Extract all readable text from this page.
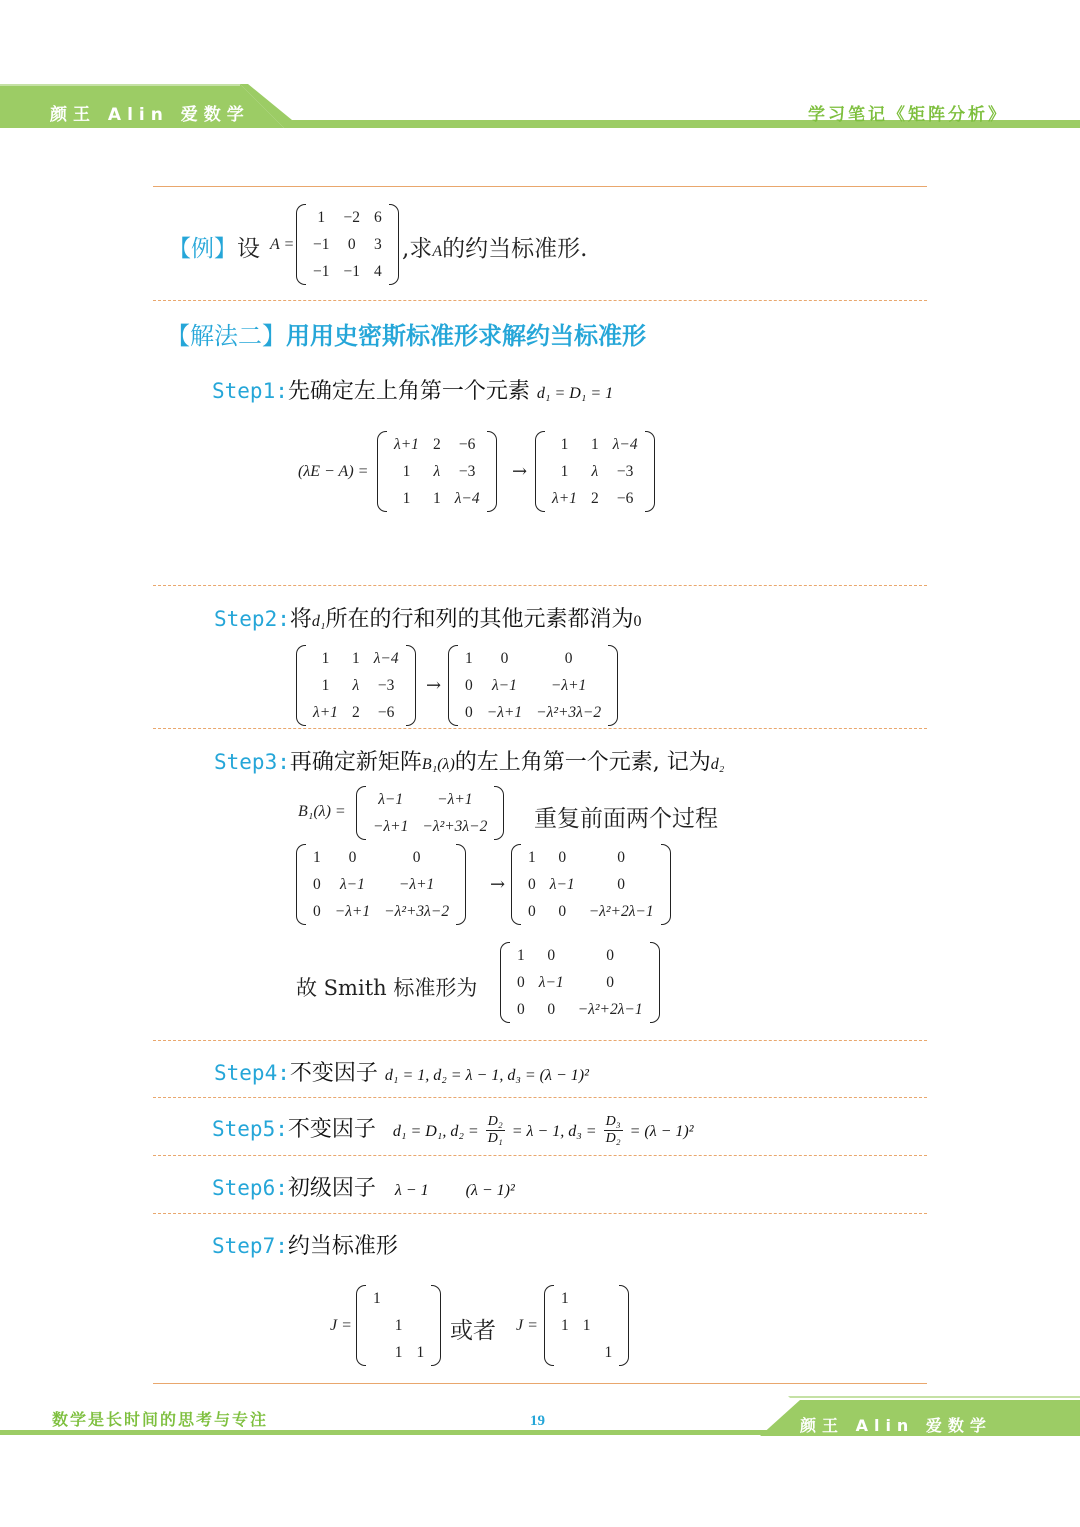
颜王 Alin 爱数学	学习笔记《矩阵分析》
【例】设 A =
1	−2	6
−1	0	3
−1	−1	4
,求A的约当标准形.
【解法二】用用史密斯标准形求解约当标准形
Step1:先确定左上角第一个元素 d₁ = D₁ = 1
(λE − A) =
λ+1	2	−6
1	λ	−3
1	1	λ−4
→
1	1	λ−4
1	λ	−3
λ+1	2	−6
Step2:将d₁所在的行和列的其他元素都消为0
1	1	λ−4
1	λ	−3
λ+1	2	−6
→
1	0	0
0	λ−1	−λ+1
0	−λ+1	−λ²+3λ−2
Step3:再确定新矩阵B₁(λ)的左上角第一个元素, 记为d₂
B₁(λ) =
λ−1	−λ+1
−λ+1	−λ²+3λ−2 重复前面两个过程
1	0	0
0	λ−1	−λ+1
0	−λ+1	−λ²+3λ−2
→
1	0	0
0	λ−1	0
0	0	−λ²+2λ−1
故 Smith 标准形为
1	0	0
0	λ−1	0
0	0	−λ²+2λ−1
Step4:不变因子 d₁ = 1, d₂ = λ − 1, d₃ = (λ − 1)²
Step5:不变因子 d₁ = D₁, $d_2 = \frac{\text{D₂}}{\text{D₁}} = \lambda - 1$, $d_3 = \frac{\text{D₃}}{\text{D₂}} = (\lambda - 1)^2$
Step6:初级因子 λ − 1 (λ − 1)²
Step7:约当标准形
J =
1		
	1	
	1	1
或者 J =
1		
1	1	
		1
数学是长时间的思考与专注	19	颜王 Alin 爱数学
